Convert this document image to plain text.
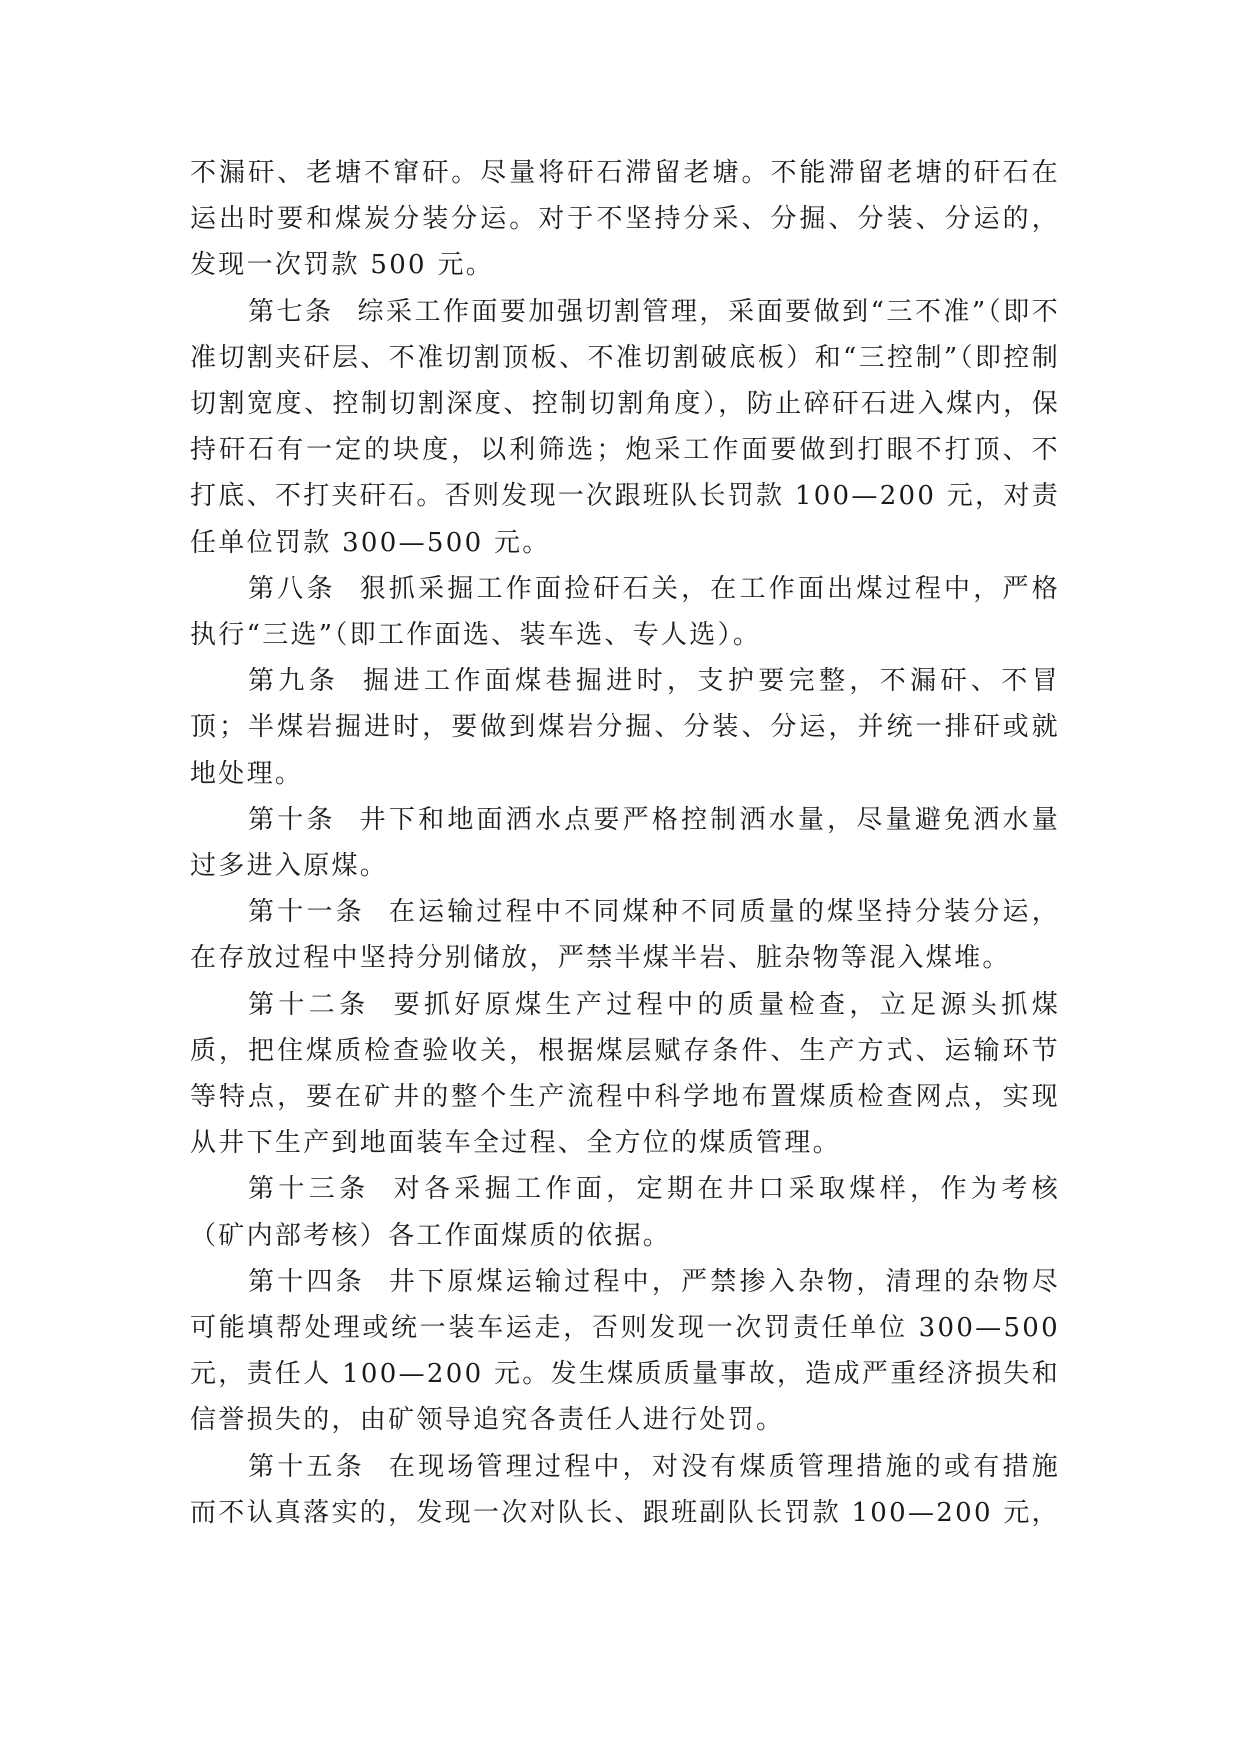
不漏矸、老塘不窜矸。尽量将矸石滞留老塘。不能滞留老塘的矸石在运出时要和煤炭分装分运。对于不坚持分采、分掘、分装、分运的，发现一次罚款 500 元。

第七条 综采工作面要加强切割管理，采面要做到“三不准”（即不准切割夹矸层、不准切割顶板、不准切割破底板）和“三控制”（即控制切割宽度、控制切割深度、控制切割角度），防止碎矸石进入煤内，保持矸石有一定的块度，以利筛选；炮采工作面要做到打眼不打顶、不打底、不打夹矸石。否则发现一次跟班队长罚款 100—200 元，对责任单位罚款 300—500 元。

第八条 狠抓采掘工作面捡矸石关，在工作面出煤过程中，严格执行“三选”（即工作面选、装车选、专人选）。

第九条 掘进工作面煤巷掘进时，支护要完整，不漏矸、不冒顶；半煤岩掘进时，要做到煤岩分掘、分装、分运，并统一排矸或就地处理。

第十条 井下和地面洒水点要严格控制洒水量，尽量避免洒水量过多进入原煤。

第十一条 在运输过程中不同煤种不同质量的煤坚持分装分运，在存放过程中坚持分别储放，严禁半煤半岩、脏杂物等混入煤堆。

第十二条 要抓好原煤生产过程中的质量检查，立足源头抓煤质，把住煤质检查验收关，根据煤层赋存条件、生产方式、运输环节等特点，要在矿井的整个生产流程中科学地布置煤质检查网点，实现从井下生产到地面装车全过程、全方位的煤质管理。

第十三条 对各采掘工作面，定期在井口采取煤样，作为考核（矿内部考核）各工作面煤质的依据。

第十四条 井下原煤运输过程中，严禁掺入杂物，清理的杂物尽可能填帮处理或统一装车运走，否则发现一次罚责任单位 300—500 元，责任人 100—200 元。发生煤质质量事故，造成严重经济损失和信誉损失的，由矿领导追究各责任人进行处罚。

第十五条 在现场管理过程中，对没有煤质管理措施的或有措施而不认真落实的，发现一次对队长、跟班副队长罚款 100—200 元，
